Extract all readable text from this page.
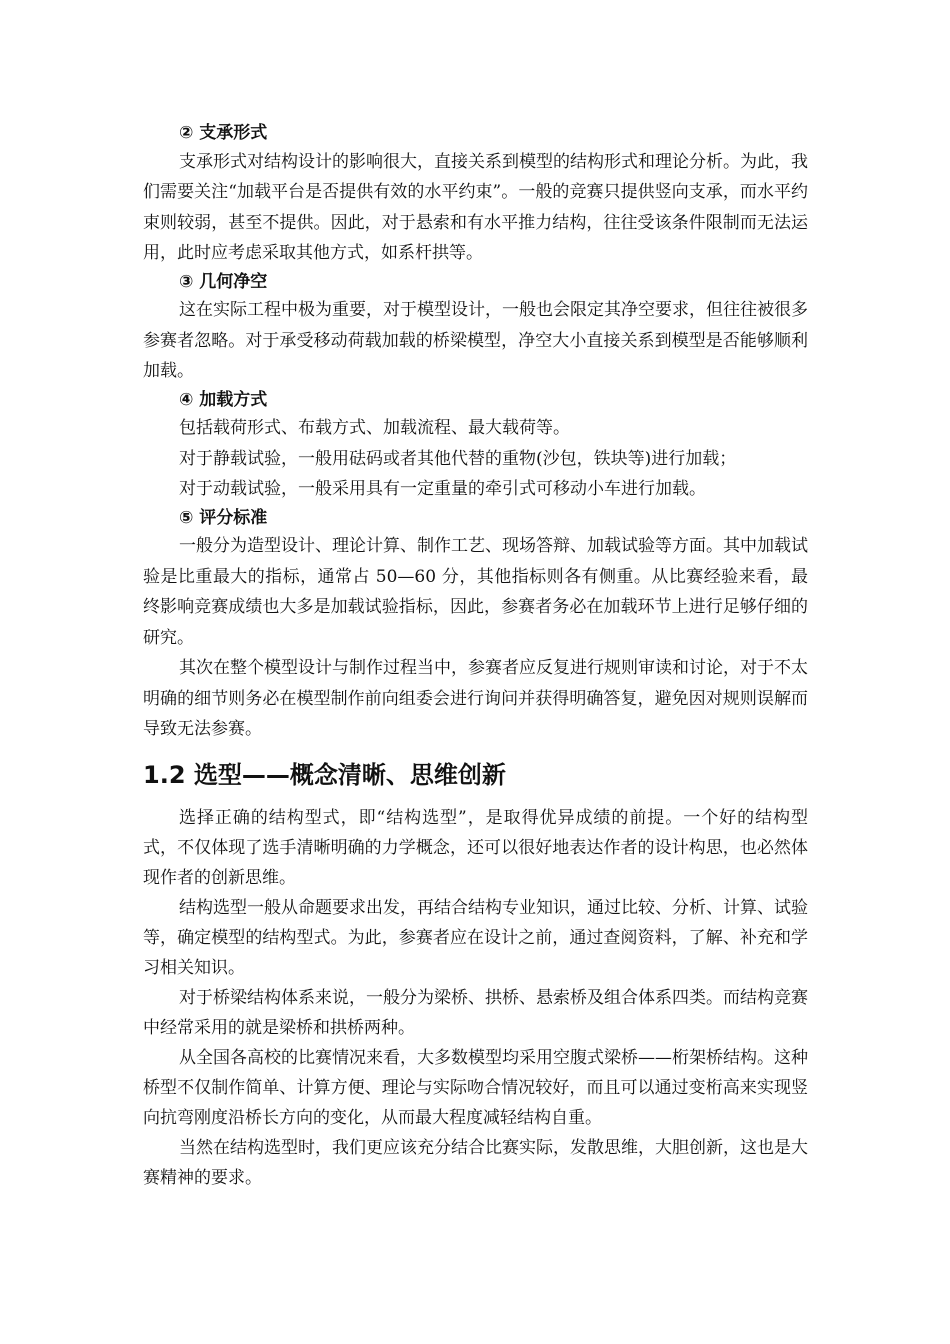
② 支承形式

支承形式对结构设计的影响很大，直接关系到模型的结构形式和理论分析。为此，我们需要关注“加载平台是否提供有效的水平约束”。一般的竞赛只提供竖向支承，而水平约束则较弱，甚至不提供。因此，对于悬索和有水平推力结构，往往受该条件限制而无法运用，此时应考虑采取其他方式，如系杆拱等。

③ 几何净空

这在实际工程中极为重要，对于模型设计，一般也会限定其净空要求，但往往被很多参赛者忽略。对于承受移动荷载加载的桥梁模型，净空大小直接关系到模型是否能够顺利加载。

④ 加载方式

包括载荷形式、布载方式、加载流程、最大载荷等。

对于静载试验，一般用砝码或者其他代替的重物(沙包，铁块等)进行加载；

对于动载试验，一般采用具有一定重量的牵引式可移动小车进行加载。

⑤ 评分标准

一般分为造型设计、理论计算、制作工艺、现场答辩、加载试验等方面。其中加载试验是比重最大的指标，通常占 50—60 分，其他指标则各有侧重。从比赛经验来看，最终影响竞赛成绩也大多是加载试验指标，因此，参赛者务必在加载环节上进行足够仔细的研究。

其次在整个模型设计与制作过程当中，参赛者应反复进行规则审读和讨论，对于不太明确的细节则务必在模型制作前向组委会进行询问并获得明确答复，避免因对规则误解而导致无法参赛。

1.2 选型——概念清晰、思维创新

选择正确的结构型式，即“结构选型”，是取得优异成绩的前提。一个好的结构型式，不仅体现了选手清晰明确的力学概念，还可以很好地表达作者的设计构思，也必然体现作者的创新思维。

结构选型一般从命题要求出发，再结合结构专业知识，通过比较、分析、计算、试验等，确定模型的结构型式。为此，参赛者应在设计之前，通过查阅资料，了解、补充和学习相关知识。

对于桥梁结构体系来说，一般分为梁桥、拱桥、悬索桥及组合体系四类。而结构竞赛中经常采用的就是梁桥和拱桥两种。

从全国各高校的比赛情况来看，大多数模型均采用空腹式梁桥——桁架桥结构。这种桥型不仅制作简单、计算方便、理论与实际吻合情况较好，而且可以通过变桁高来实现竖向抗弯刚度沿桥长方向的变化，从而最大程度减轻结构自重。

当然在结构选型时，我们更应该充分结合比赛实际，发散思维，大胆创新，这也是大赛精神的要求。
